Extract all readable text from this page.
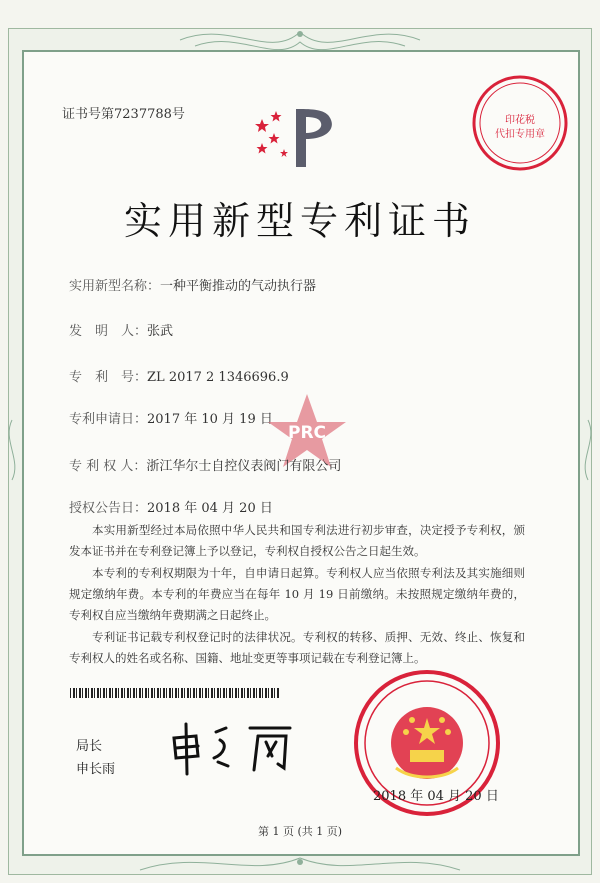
印花税
代扣专用章
证书号第7237788号
实用新型专利证书
实用新型名称：一种平衡推动的气动执行器
发　明　人：张武
专　利　号：ZL 2017 2 1346696.9
专利申请日：2017 年 10 月 19 日
PRC
专 利 权 人：浙江华尔士自控仪表阀门有限公司
授权公告日：2018 年 04 月 20 日

本实用新型经过本局依照中华人民共和国专利法进行初步审查，决定授予专利权，颁发本证书并在专利登记簿上予以登记，专利权自授权公告之日起生效。

本专利的专利权期限为十年，自申请日起算。专利权人应当依照专利法及其实施细则规定缴纳年费。本专利的年费应当在每年 10 月 19 日前缴纳。未按照规定缴纳年费的，专利权自应当缴纳年费期满之日起终止。

专利证书记载专利权登记时的法律状况。专利权的转移、质押、无效、终止、恢复和专利权人的姓名或名称、国籍、地址变更等事项记载在专利登记簿上。

局长
申长雨
2018 年 04 月 20 日
第 1 页 (共 1 页)
